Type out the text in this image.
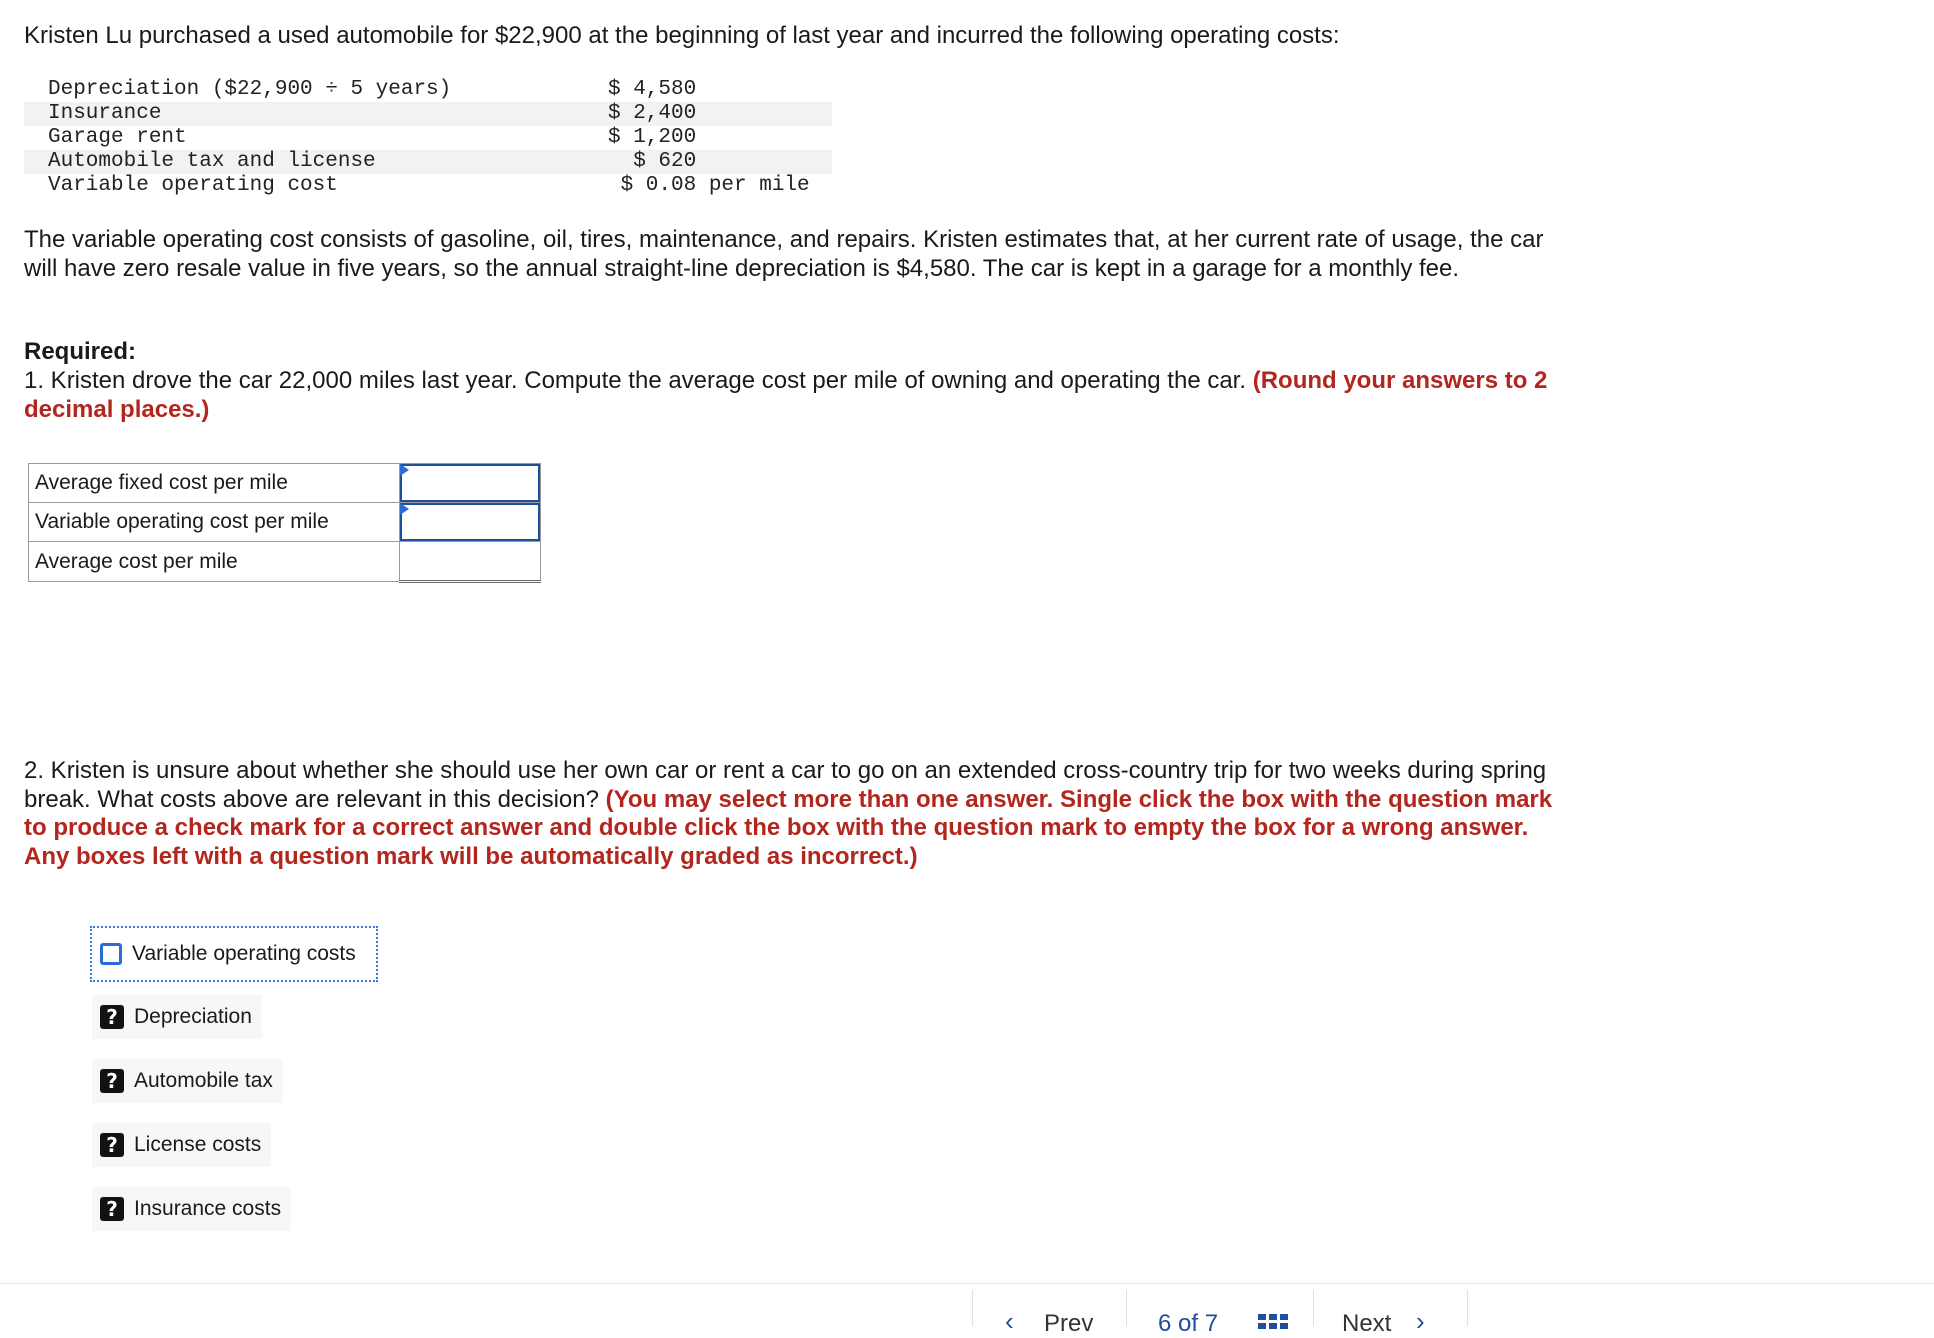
Kristen Lu purchased a used automobile for $22,900 at the beginning of last year and incurred the following operating costs:
Depreciation ($22,900 ÷ 5 years)	$ 4,580
Insurance	$ 2,400
Garage rent	$ 1,200
Automobile tax and license	$ 620
Variable operating cost	$ 0.08 per mile
The variable operating cost consists of gasoline, oil, tires, maintenance, and repairs. Kristen estimates that, at her current rate of usage, the car will have zero resale value in five years, so the annual straight-line depreciation is $4,580. The car is kept in a garage for a monthly fee.
Required:
1. Kristen drove the car 22,000 miles last year. Compute the average cost per mile of owning and operating the car. (Round your answers to 2 decimal places.)
Average fixed cost per mile	

Variable operating cost per mile	

Average cost per mile	
2. Kristen is unsure about whether she should use her own car or rent a car to go on an extended cross-country trip for two weeks during spring break. What costs above are relevant in this decision? (You may select more than one answer. Single click the box with the question mark to produce a check mark for a correct answer and double click the box with the question mark to empty the box for a wrong answer. Any boxes left with a question mark will be automatically graded as incorrect.)
Variable operating costs
? Depreciation
? Automobile tax
? License costs
? Insurance costs
‹ Prev	6 of 7	Next ›
